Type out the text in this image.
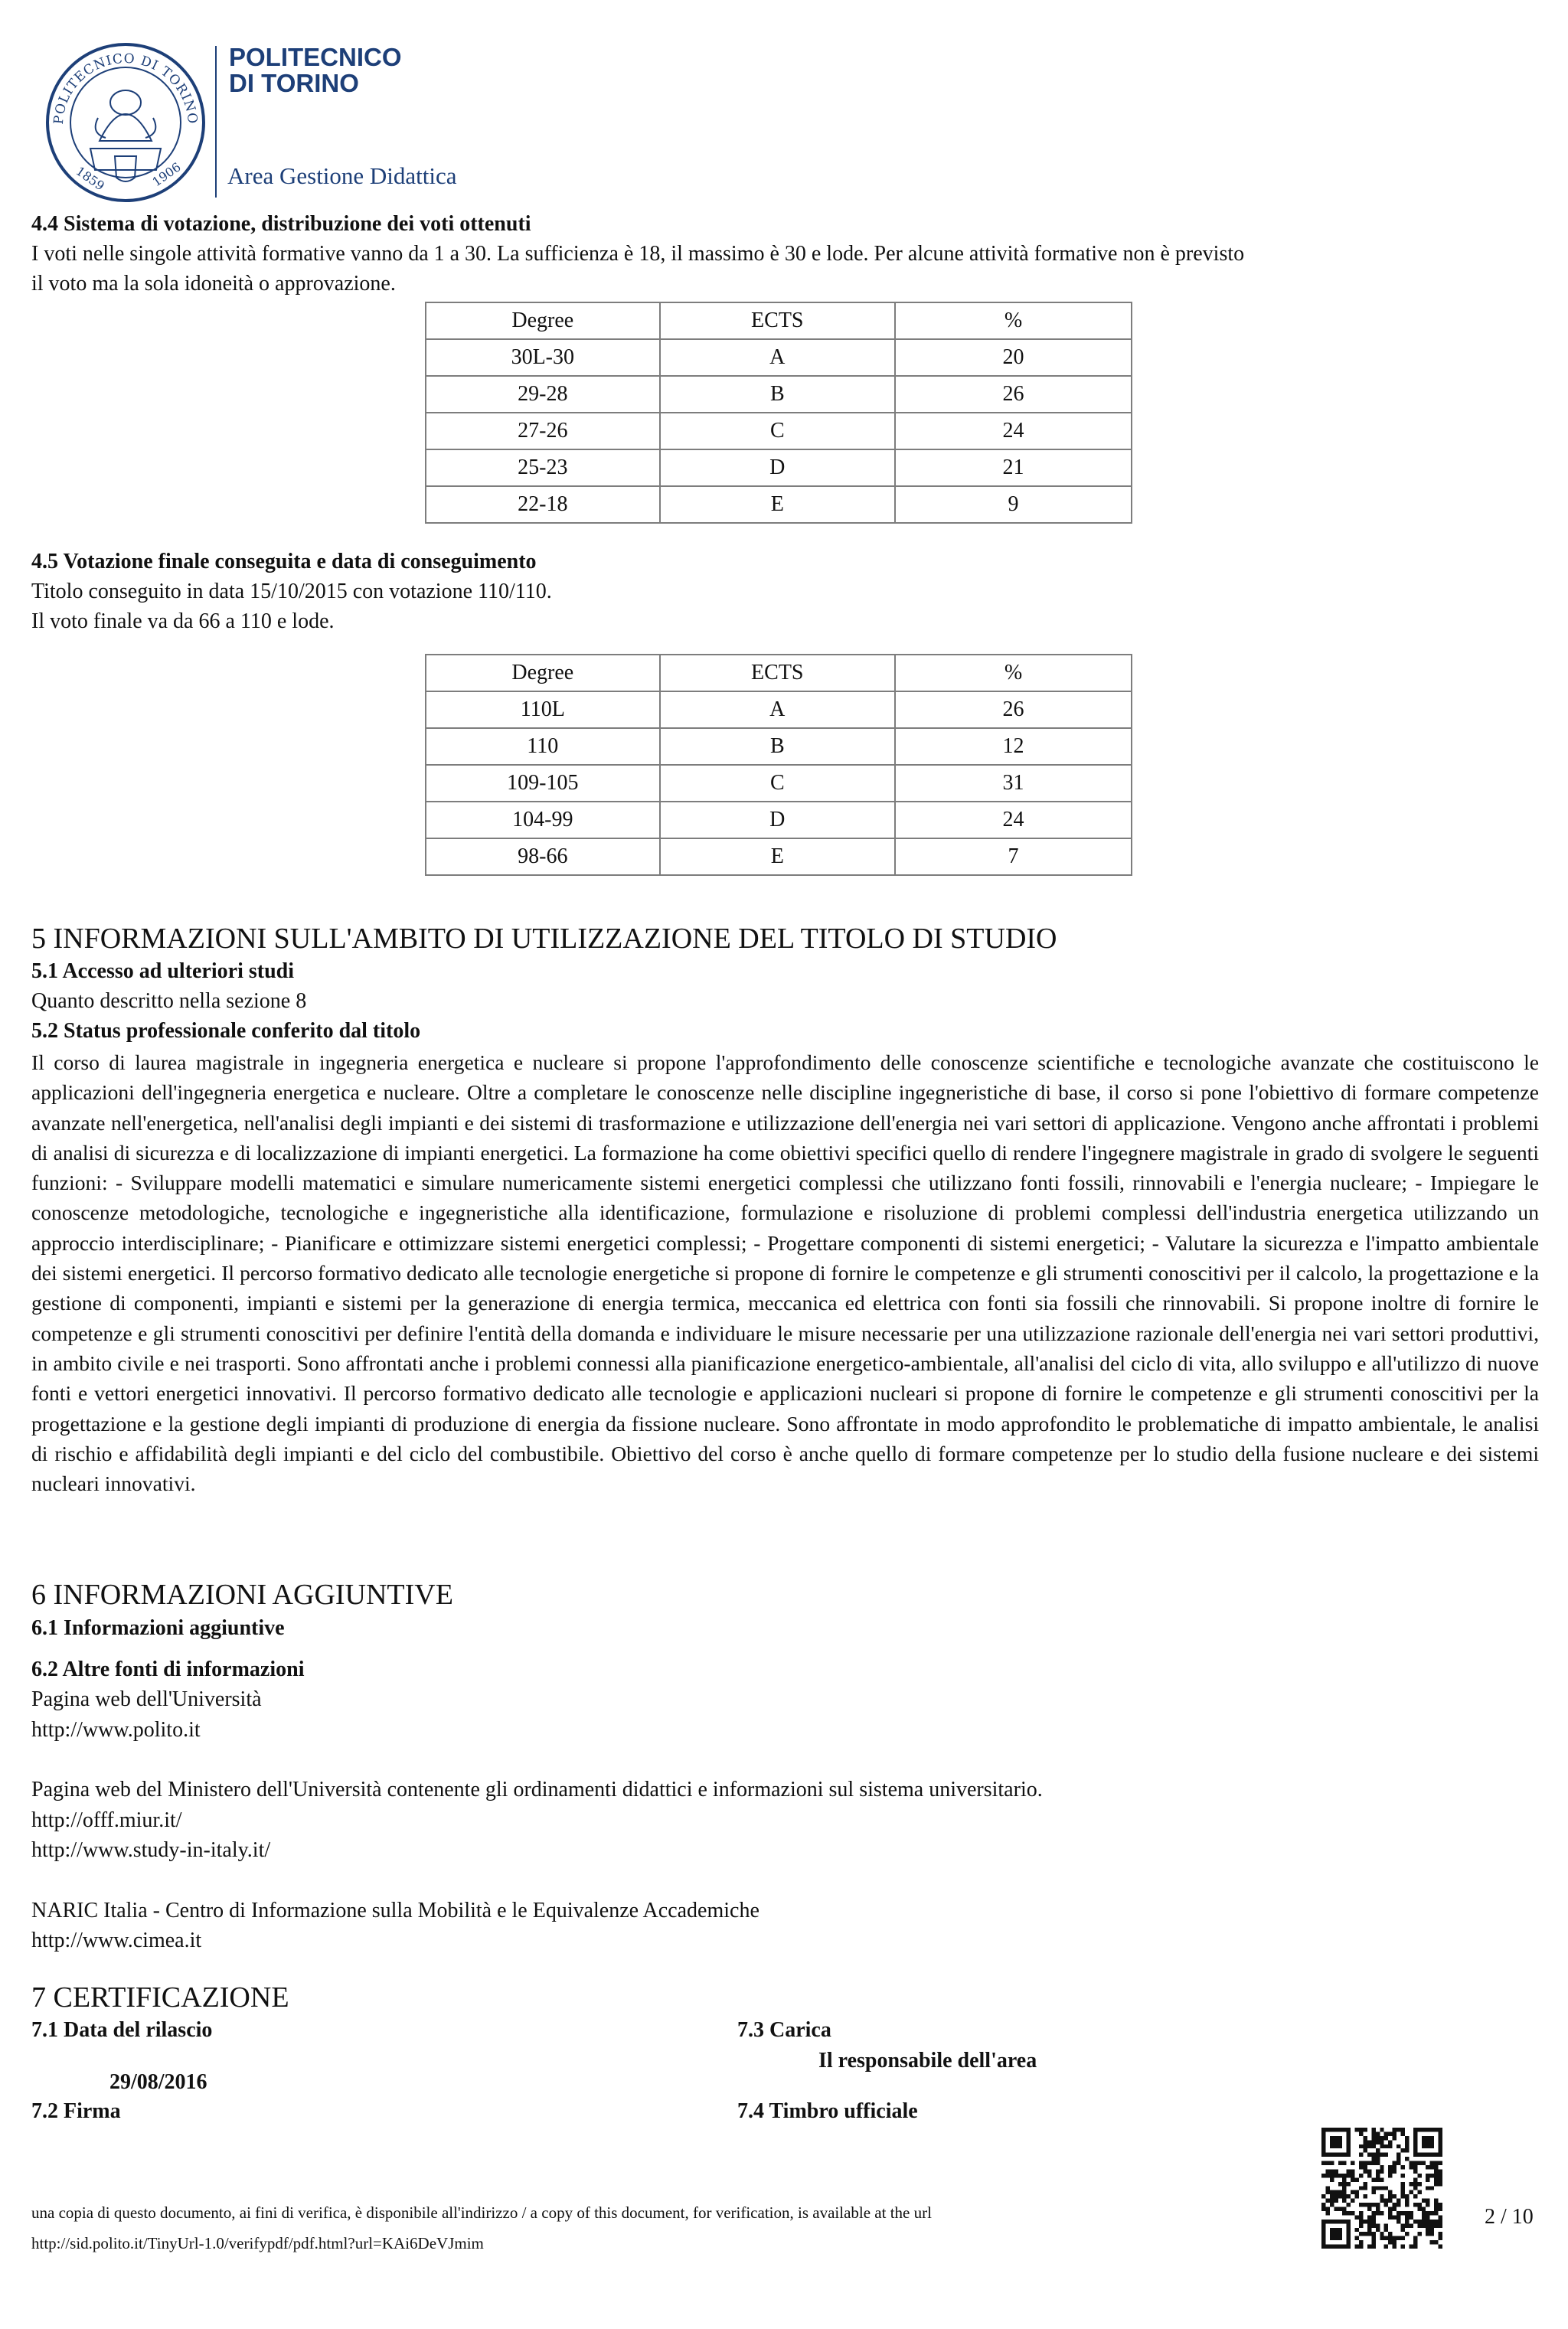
POLITECNICO DI TORINO
1859	1906
POLITECNICO
DI TORINO
Area Gestione Didattica
4.4 Sistema di votazione, distribuzione dei voti ottenuti
I voti nelle singole attività formative vanno da 1 a 30. La sufficienza è 18, il massimo è 30 e lode. Per alcune attività formative non è previsto
il voto ma la sola idoneità o approvazione.
Degree	ECTS	%
30L-30	A	20
29-28	B	26
27-26	C	24
25-23	D	21
22-18	E	9
4.5 Votazione finale conseguita e data di conseguimento
Titolo conseguito in data 15/10/2015 con votazione 110/110.
Il voto finale va da 66 a 110 e lode.
Degree	ECTS	%
110L	A	26
110	B	12
109-105	C	31
104-99	D	24
98-66	E	7
5 INFORMAZIONI SULL'AMBITO DI UTILIZZAZIONE DEL TITOLO DI STUDIO
5.1 Accesso ad ulteriori studi
Quanto descritto nella sezione 8
5.2 Status professionale conferito dal titolo
Il corso di laurea magistrale in ingegneria energetica e nucleare si propone l'approfondimento delle conoscenze scientifiche e tecnologiche avanzate che costituiscono le applicazioni dell'ingegneria energetica e nucleare. Oltre a completare le conoscenze nelle discipline ingegneristiche di base, il corso si pone l'obiettivo di formare competenze avanzate nell'energetica, nell'analisi degli impianti e dei sistemi di trasformazione e utilizzazione dell'energia nei vari settori di applicazione. Vengono anche affrontati i problemi di analisi di sicurezza e di localizzazione di impianti energetici. La formazione ha come obiettivi specifici quello di rendere l'ingegnere magistrale in grado di svolgere le seguenti funzioni: - Sviluppare modelli matematici e simulare numericamente sistemi energetici complessi che utilizzano fonti fossili, rinnovabili e l'energia nucleare; - Impiegare le conoscenze metodologiche, tecnologiche e ingegneristiche alla identificazione, formulazione e risoluzione di problemi complessi dell'industria energetica utilizzando un approccio interdisciplinare; - Pianificare e ottimizzare sistemi energetici complessi; - Progettare componenti di sistemi energetici; - Valutare la sicurezza e l'impatto ambientale dei sistemi energetici. Il percorso formativo dedicato alle tecnologie energetiche si propone di fornire le competenze e gli strumenti conoscitivi per il calcolo, la progettazione e la gestione di componenti, impianti e sistemi per la generazione di energia termica, meccanica ed elettrica con fonti sia fossili che rinnovabili. Si propone inoltre di fornire le competenze e gli strumenti conoscitivi per definire l'entità della domanda e individuare le misure necessarie per una utilizzazione razionale dell'energia nei vari settori produttivi, in ambito civile e nei trasporti. Sono affrontati anche i problemi connessi alla pianificazione energetico-ambientale, all'analisi del ciclo di vita, allo sviluppo e all'utilizzo di nuove fonti e vettori energetici innovativi. Il percorso formativo dedicato alle tecnologie e applicazioni nucleari si propone di fornire le competenze e gli strumenti conoscitivi per la progettazione e la gestione degli impianti di produzione di energia da fissione nucleare. Sono affrontate in modo approfondito le problematiche di impatto ambientale, le analisi di rischio e affidabilità degli impianti e del ciclo del combustibile. Obiettivo del corso è anche quello di formare competenze per lo studio della fusione nucleare e dei sistemi nucleari innovativi.
6 INFORMAZIONI AGGIUNTIVE
6.1 Informazioni aggiuntive
6.2 Altre fonti di informazioni
Pagina web dell'Università
http://www.polito.it
Pagina web del Ministero dell'Università contenente gli ordinamenti didattici e informazioni sul sistema universitario.
http://offf.miur.it/
http://www.study-in-italy.it/
NARIC Italia - Centro di Informazione sulla Mobilità e le Equivalenze Accademiche
http://www.cimea.it
7 CERTIFICAZIONE
7.1 Data del rilascio
29/08/2016
7.2 Firma
7.3 Carica
Il responsabile dell'area
7.4 Timbro ufficiale
una copia di questo documento, ai fini di verifica, è disponibile all'indirizzo / a copy of this document, for verification, is available at the url
http://sid.polito.it/TinyUrl-1.0/verifypdf/pdf.html?url=KAi6DeVJmim
2 / 10
